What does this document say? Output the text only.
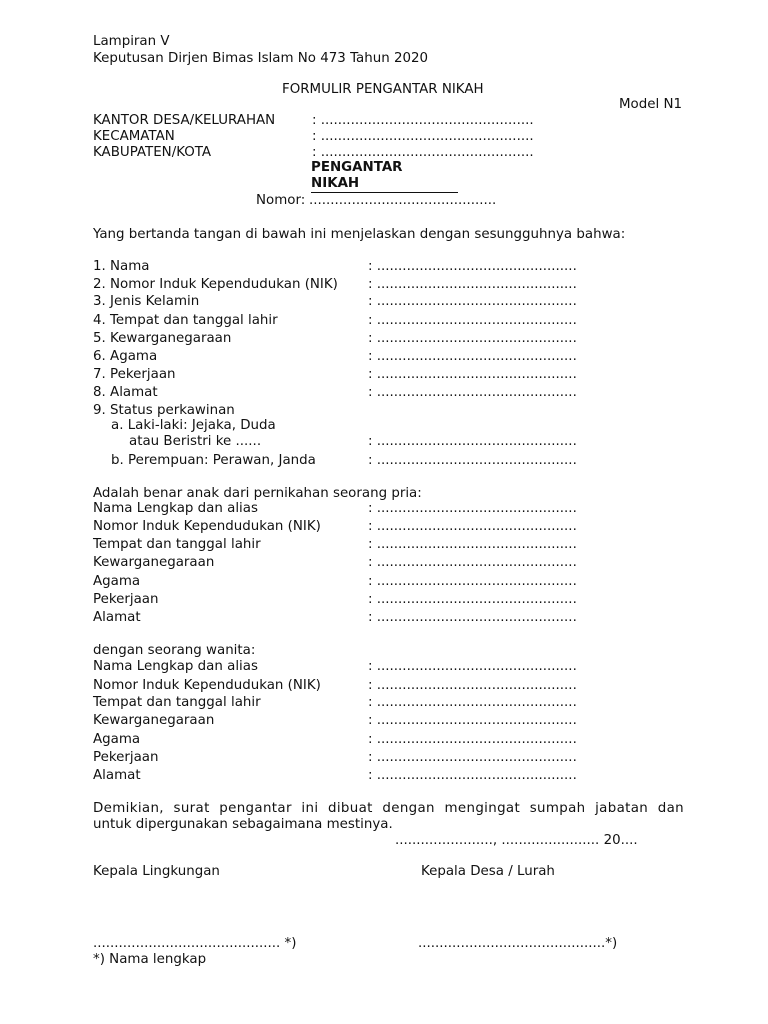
Lampiran V
Keputusan Dirjen Bimas Islam No 473 Tahun 2020
FORMULIR PENGANTAR NIKAH
Model N1
KANTOR DESA/KELURAHAN	: ..................................................
KECAMATAN	: ..................................................
KABUPATEN/KOTA	: ..................................................
PENGANTAR
NIKAH
Nomor: ............................................
Yang bertanda tangan di bawah ini menjelaskan dengan sesungguhnya bahwa:
1. Nama	: ...............................................
2. Nomor Induk Kependudukan (NIK) : ...............................................
3. Jenis Kelamin	: ...............................................
4. Tempat dan tanggal lahir	: ...............................................
5. Kewarganegaraan	: ...............................................
6. Agama	: ...............................................
7. Pekerjaan	: ...............................................
8. Alamat	: ...............................................
9. Status perkawinan
a. Laki-laki: Jejaka, Duda
atau Beristri ke ......	: ...............................................
b. Perempuan: Perawan, Janda	: ...............................................
Adalah benar anak dari pernikahan seorang pria:
Nama Lengkap dan alias	: ...............................................
Nomor Induk Kependudukan (NIK)	: ...............................................
Tempat dan tanggal lahir	: ...............................................
Kewarganegaraan	: ...............................................
Agama	: ...............................................
Pekerjaan	: ...............................................
Alamat	: ...............................................
dengan seorang wanita:
Nama Lengkap dan alias	: ...............................................
Nomor Induk Kependudukan (NIK)	: ...............................................
Tempat dan tanggal lahir	: ...............................................
Kewarganegaraan	: ...............................................
Agama	: ...............................................
Pekerjaan	: ...............................................
Alamat	: ...............................................
Demikian, surat pengantar ini dibuat dengan mengingat sumpah jabatan dan
untuk dipergunakan sebagaimana mestinya.
......................., ....................... 20....
Kepala Lingkungan	Kepala Desa / Lurah
............................................ *)	............................................*)
*) Nama lengkap
